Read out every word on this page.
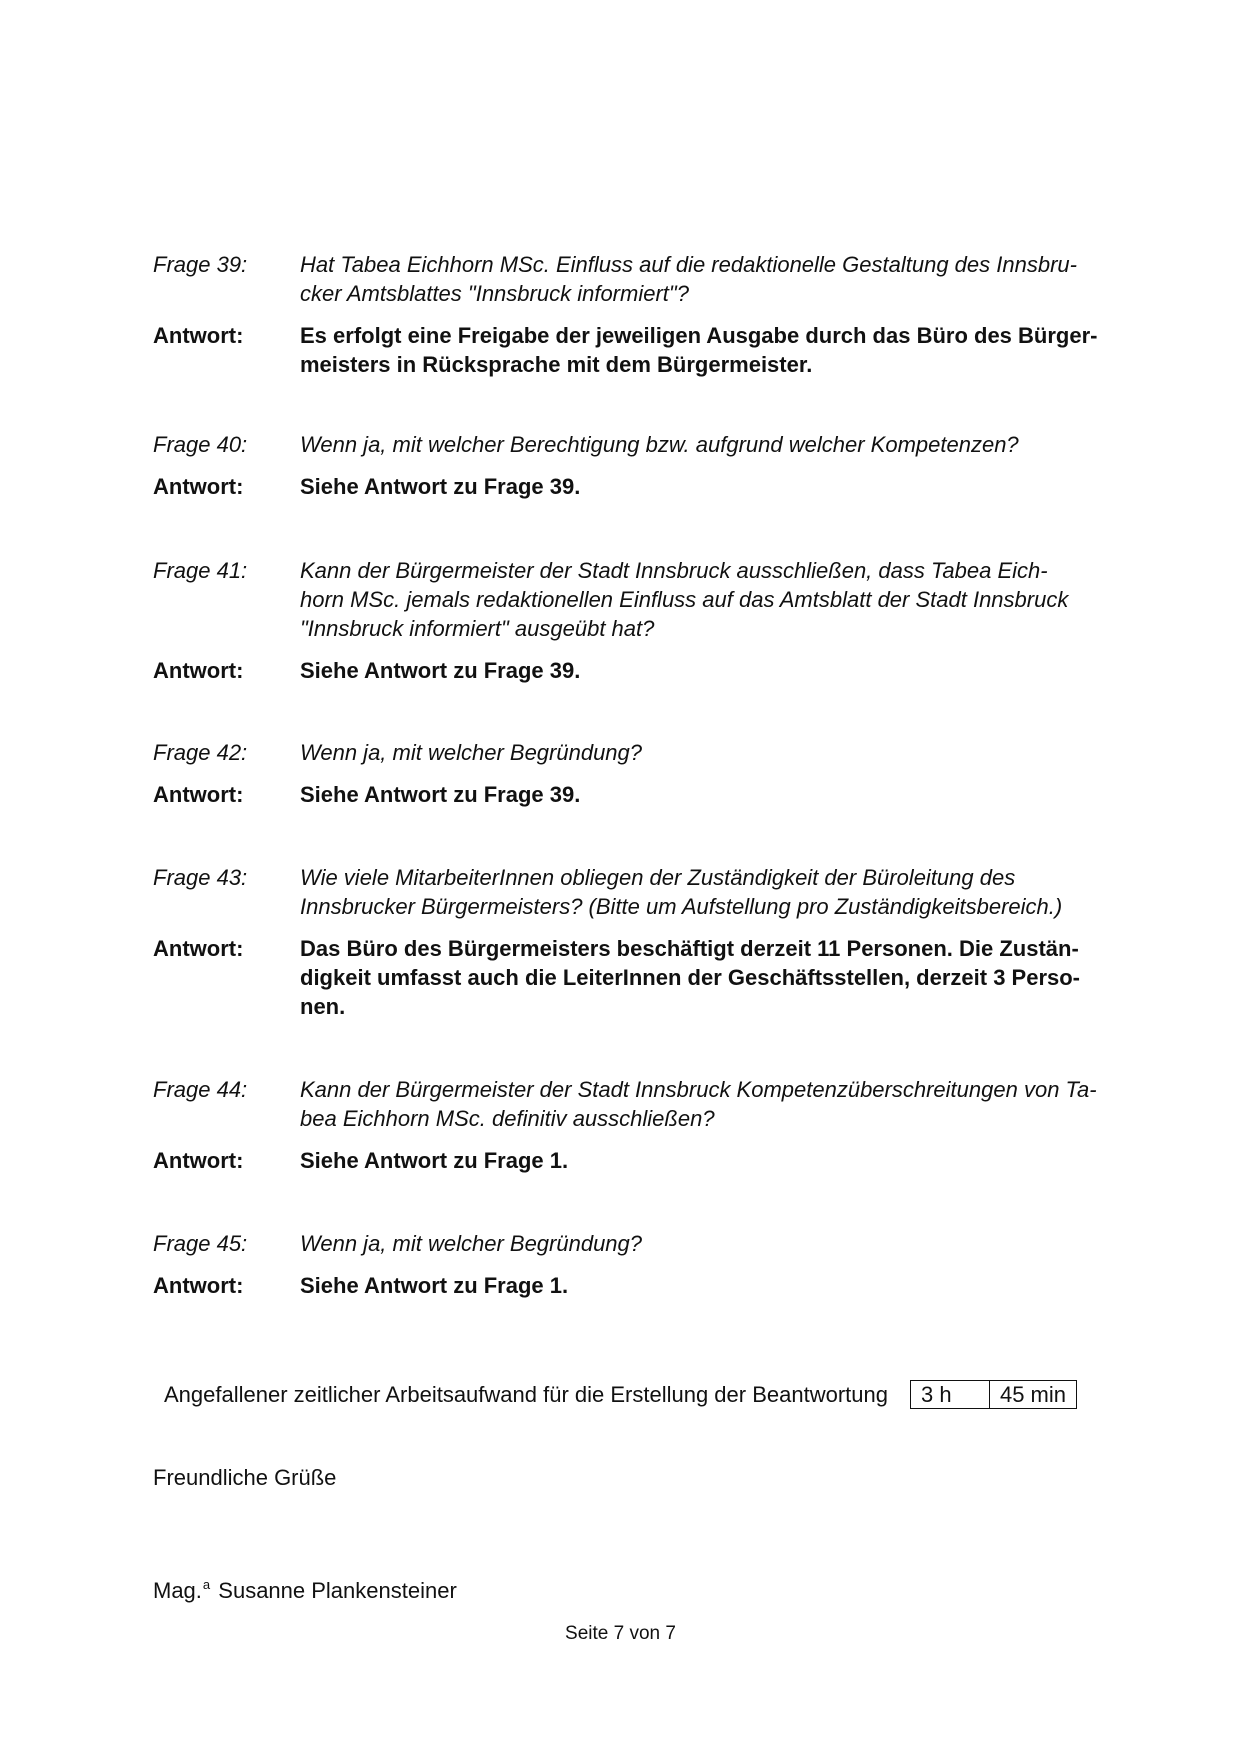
Frage 39:	Hat Tabea Eichhorn MSc. Einfluss auf die redaktionelle Gestaltung des Innsbru-
cker Amtsblattes "Innsbruck informiert"?
Antwort:	Es erfolgt eine Freigabe der jeweiligen Ausgabe durch das Büro des Bürger-
meisters in Rücksprache mit dem Bürgermeister.
Frage 40:	Wenn ja, mit welcher Berechtigung bzw. aufgrund welcher Kompetenzen?
Antwort:	Siehe Antwort zu Frage 39.
Frage 41:	Kann der Bürgermeister der Stadt Innsbruck ausschließen, dass Tabea Eich-
horn MSc. jemals redaktionellen Einfluss auf das Amtsblatt der Stadt Innsbruck
"Innsbruck informiert" ausgeübt hat?
Antwort:	Siehe Antwort zu Frage 39.
Frage 42:	Wenn ja, mit welcher Begründung?
Antwort:	Siehe Antwort zu Frage 39.
Frage 43:	Wie viele MitarbeiterInnen obliegen der Zuständigkeit der Büroleitung des
Innsbrucker Bürgermeisters? (Bitte um Aufstellung pro Zuständigkeitsbereich.)
Antwort:	Das Büro des Bürgermeisters beschäftigt derzeit 11 Personen. Die Zustän-
digkeit umfasst auch die LeiterInnen der Geschäftsstellen, derzeit 3 Perso-
nen.
Frage 44:	Kann der Bürgermeister der Stadt Innsbruck Kompetenzüberschreitungen von Ta-
bea Eichhorn MSc. definitiv ausschließen?
Antwort:	Siehe Antwort zu Frage 1.
Frage 45:	Wenn ja, mit welcher Begründung?
Antwort:	Siehe Antwort zu Frage 1.
Angefallener zeitlicher Arbeitsaufwand für die Erstellung der Beantwortung	3 h	45 min
Freundliche Grüße
Mag.$^a$ Susanne Plankensteiner
Seite 7 von 7
